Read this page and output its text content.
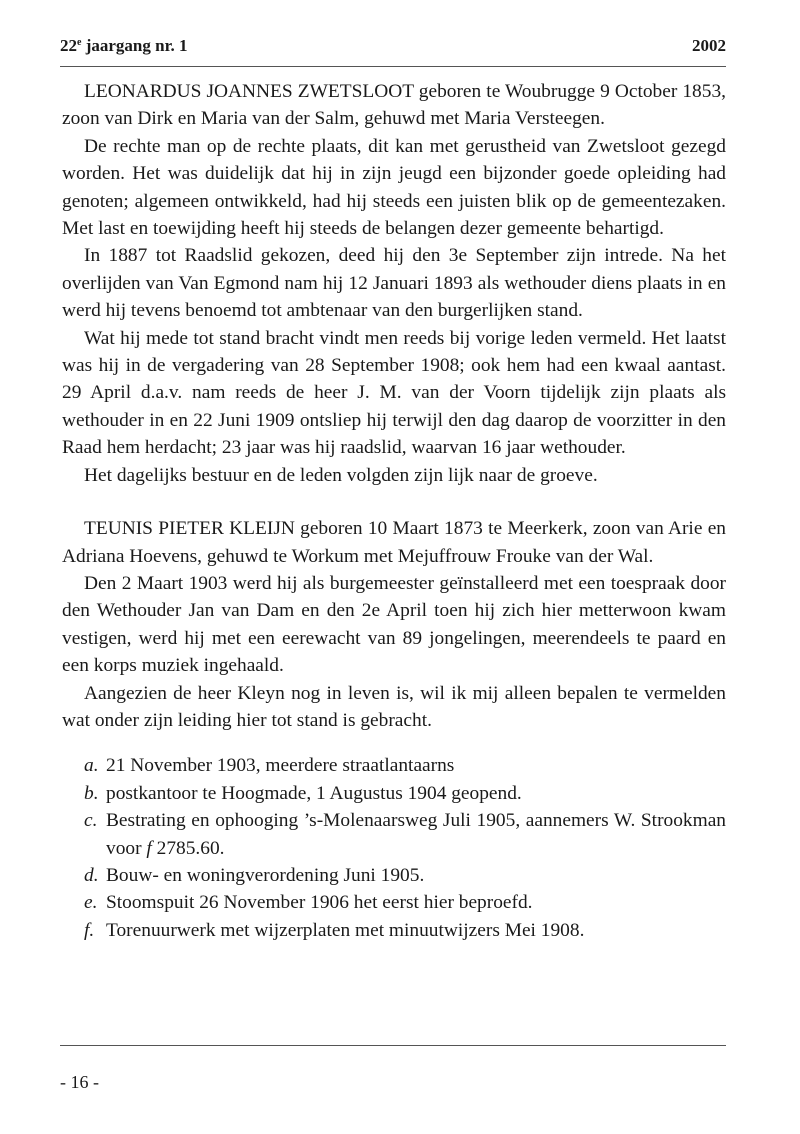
22e jaargang nr. 1	2002

LEONARDUS JOANNES ZWETSLOOT geboren te Woubrugge 9 October 1853, zoon van Dirk en Maria van der Salm, gehuwd met Maria Versteegen.

De rechte man op de rechte plaats, dit kan met gerustheid van Zwetsloot gezegd worden. Het was duidelijk dat hij in zijn jeugd een bijzonder goede opleiding had genoten; algemeen ontwikkeld, had hij steeds een juisten blik op de gemeentezaken. Met last en toewijding heeft hij steeds de belangen dezer gemeente behartigd.

In 1887 tot Raadslid gekozen, deed hij den 3e September zijn intrede. Na het overlijden van Van Egmond nam hij 12 Januari 1893 als wethouder diens plaats in en werd hij tevens benoemd tot ambtenaar van den burgerlijken stand.

Wat hij mede tot stand bracht vindt men reeds bij vorige leden vermeld. Het laatst was hij in de vergadering van 28 September 1908; ook hem had een kwaal aantast. 29 April d.a.v. nam reeds de heer J. M. van der Voorn tijdelijk zijn plaats als wethouder in en 22 Juni 1909 ontsliep hij terwijl den dag daarop de voorzitter in den Raad hem herdacht; 23 jaar was hij raadslid, waarvan 16 jaar wethouder.

Het dagelijks bestuur en de leden volgden zijn lijk naar de groeve.

TEUNIS PIETER KLEIJN geboren 10 Maart 1873 te Meerkerk, zoon van Arie en Adriana Hoevens, gehuwd te Workum met Mejuffrouw Frouke van der Wal.

Den 2 Maart 1903 werd hij als burgemeester geïnstalleerd met een toespraak door den Wethouder Jan van Dam en den 2e April toen hij zich hier metterwoon kwam vestigen, werd hij met een eerewacht van 89 jongelingen, meerendeels te paard en een korps muziek ingehaald.

Aangezien de heer Kleyn nog in leven is, wil ik mij alleen bepalen te vermelden wat onder zijn leiding hier tot stand is gebracht.

a. 21 November 1903, meerdere straatlantaarns
b. postkantoor te Hoogmade, 1 Augustus 1904 geopend.
c. Bestrating en ophooging ’s-Molenaarsweg Juli 1905, aannemers W. Strookman voor f 2785.60.
d. Bouw- en woningverordening Juni 1905.
e. Stoomspuit 26 November 1906 het eerst hier beproefd.
f. Torenuurwerk met wijzerplaten met minuutwijzers Mei 1908.
- 16 -
